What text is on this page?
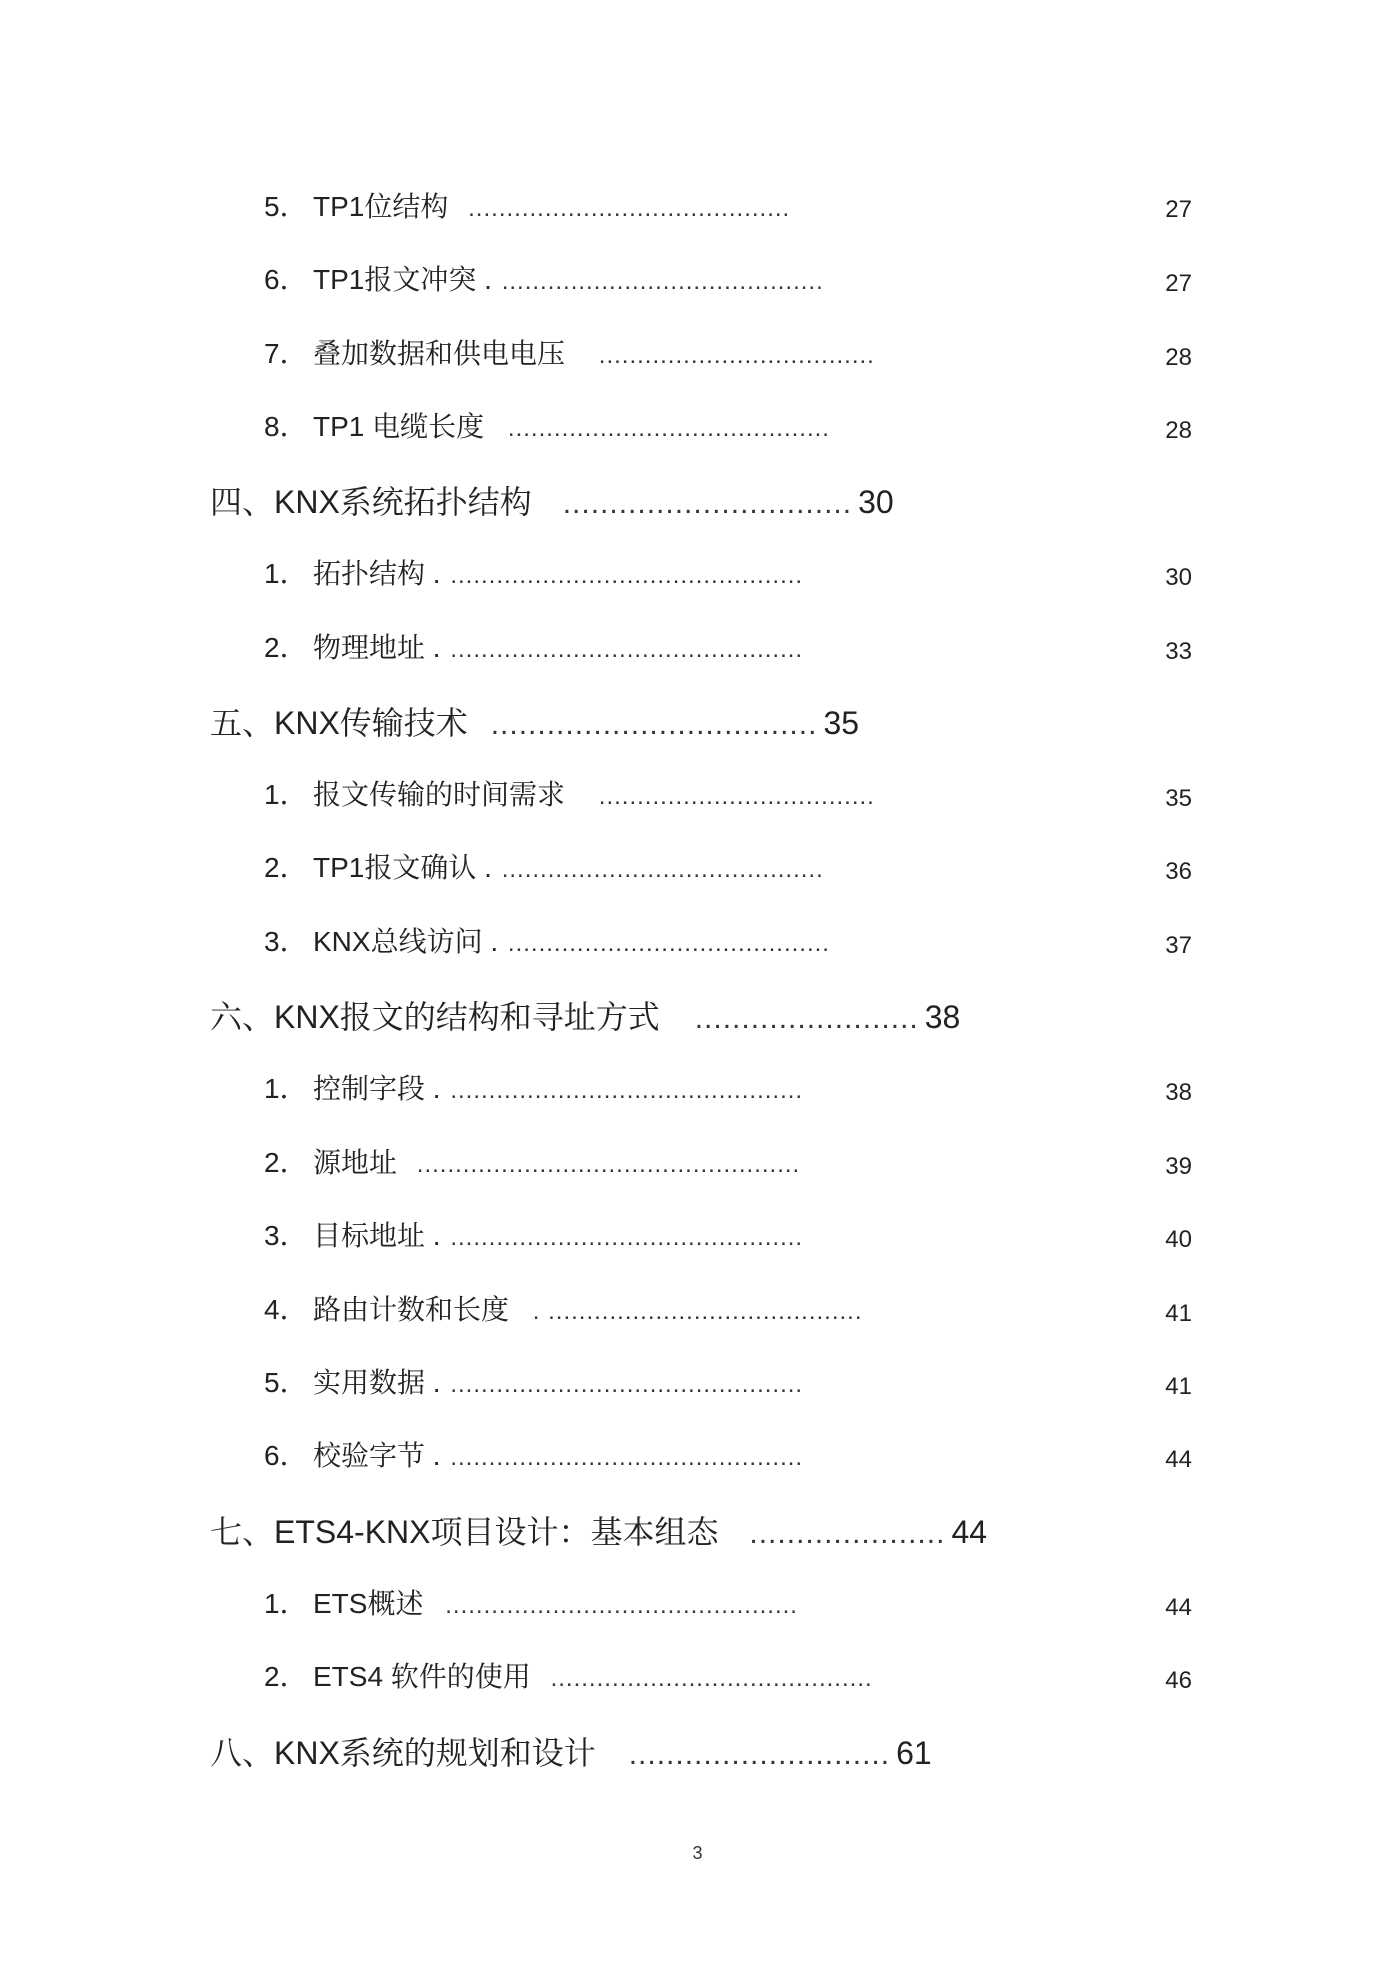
5． TP1位结构 ..........................................	27
6． TP1报文冲突 . ..........................................	27
7． 叠加数据和供电电压 ....................................	28
8． TP1 电缆长度 ..........................................	28
四、KNX系统拓扑结构 ............................... 30
1． 拓扑结构 . ..............................................	30
2． 物理地址 . ..............................................	33
五、KNX传输技术 ................................... 35
1． 报文传输的时间需求 ....................................	35
2． TP1报文确认 . ..........................................	36
3． KNX总线访问 . ..........................................	37
六、KNX报文的结构和寻址方式 ........................ 38
1． 控制字段 . ..............................................	38
2． 源地址 ..................................................	39
3． 目标地址 . ..............................................	40
4． 路由计数和长度 . .........................................	41
5． 实用数据 . ..............................................	41
6． 校验字节 . ..............................................	44
七、ETS4-KNX项目设计：基本组态 ..................... 44
1． ETS概述 ..............................................	44
2． ETS4 软件的使用 ..........................................	46
八、KNX系统的规划和设计 ............................ 61
3
